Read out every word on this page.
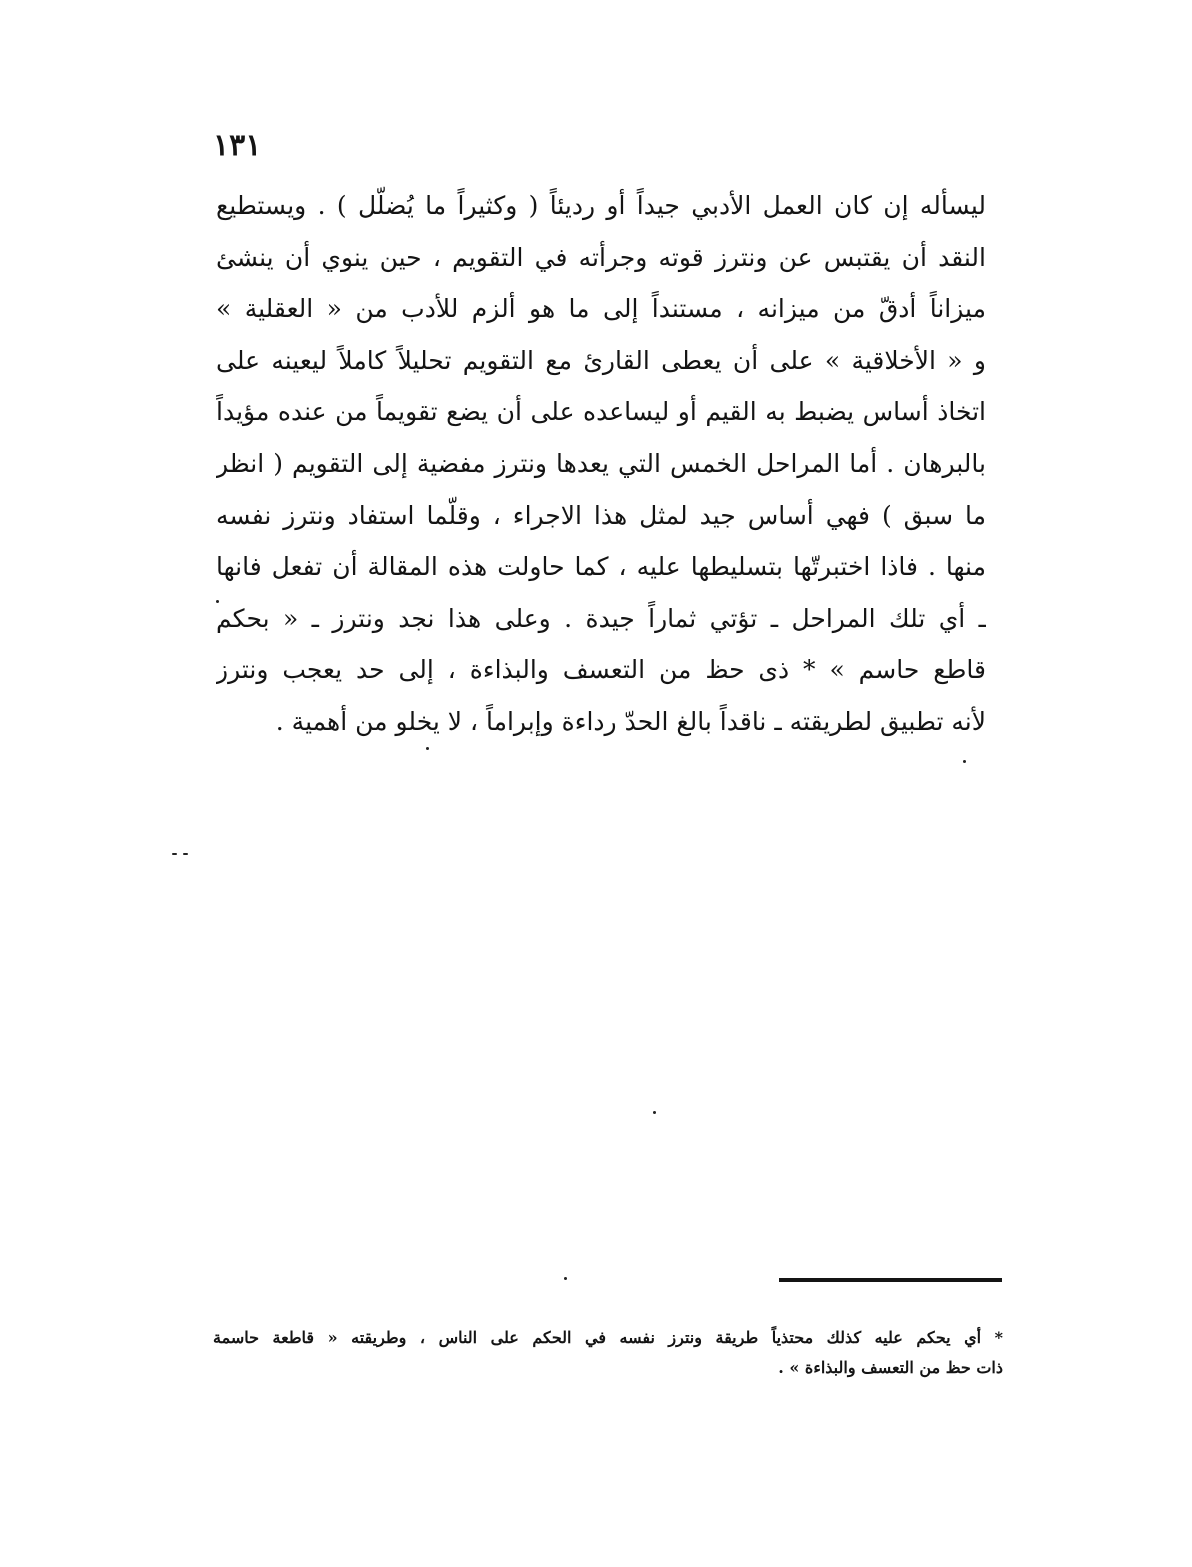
١٣١
ليسأله إن كان العمل الأدبي جيداً أو رديئاً ( وكثيراً ما يُضلّل ) . ويستطيع
النقد أن يقتبس عن ونترز قوته وجرأته في التقويم ، حين ينوي أن ينشئ
ميزاناً أدقّ من ميزانه ، مستنداً إلى ما هو ألزم للأدب من « العقلية »
و « الأخلاقية » على أن يعطى القارئ مع التقويم تحليلاً كاملاً ليعينه على
اتخاذ أساس يضبط به القيم أو ليساعده على أن يضع تقويماً من عنده مؤيداً
بالبرهان . أما المراحل الخمس التي يعدها ونترز مفضية إلى التقويم ( انظر
ما سبق ) فهي أساس جيد لمثل هذا الاجراء ، وقلّما استفاد ونترز نفسه
منها . فاذا اختبرتّها بتسليطها عليه ، كما حاولت هذه المقالة أن تفعل فانها
ـ أي تلك المراحل ـ تؤتي ثماراً جيدة . وعلى هذا نجد ونترز ـ « بحكم
قاطع حاسم » * ذى حظ من التعسف والبذاءة ، إلى حد يعجب ونترز
لأنه تطبيق لطريقته ـ ناقداً بالغ الحدّ رداءة وإبراماً ، لا يخلو من أهمية .
* أي يحكم عليه كذلك محتذياً طريقة ونترز نفسه في الحكم على الناس ، وطريقته « قاطعة حاسمة
ذات حظ من التعسف والبذاءة » .
